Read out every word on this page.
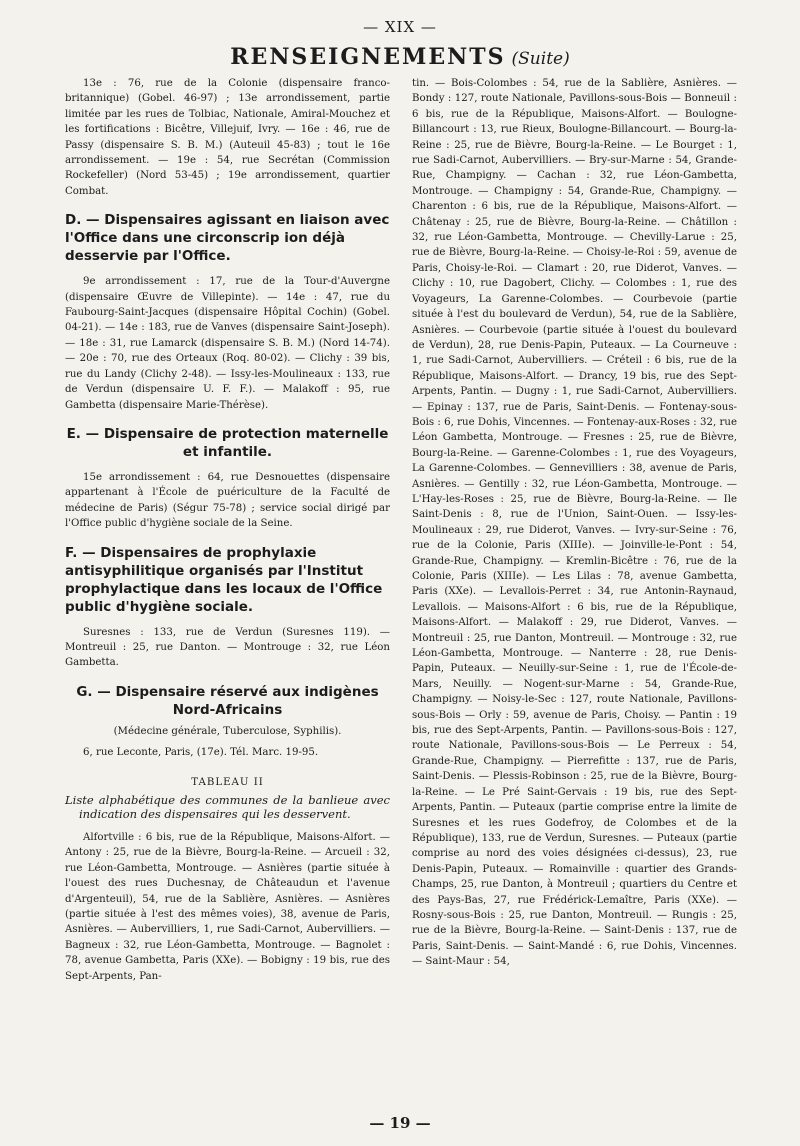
— XIX —
RENSEIGNEMENTS (Suite)

13e : 76, rue de la Colonie (dispensaire franco-britannique) (Gobel. 46-97) ; 13e arrondissement, partie limitée par les rues de Tolbiac, Nationale, Amiral-Mouchez et les fortifications : Bicêtre, Villejuif, Ivry. — 16e : 46, rue de Passy (dispensaire S. B. M.) (Auteuil 45-83) ; tout le 16e arrondissement. — 19e : 54, rue Secrétan (Commission Rockefeller) (Nord 53-45) ; 19e arrondissement, quartier Combat.

D. — Dispensaires agissant en liaison avec l'Office dans une circonscrip ion déjà desservie par l'Office.

9e arrondissement : 17, rue de la Tour-d'Auvergne (dispensaire Œuvre de Villepinte). — 14e : 47, rue du Faubourg-Saint-Jacques (dispensaire Hôpital Cochin) (Gobel. 04-21). — 14e : 183, rue de Vanves (dispensaire Saint-Joseph). — 18e : 31, rue Lamarck (dispensaire S. B. M.) (Nord 14-74). — 20e : 70, rue des Orteaux (Roq. 80-02). — Clichy : 39 bis, rue du Landy (Clichy 2-48). — Issy-les-Moulineaux : 133, rue de Verdun (dispensaire U. F. F.). — Malakoff : 95, rue Gambetta (dispensaire Marie-Thérèse).

E. — Dispensaire de protection maternelle et infantile.

15e arrondissement : 64, rue Desnouettes (dispensaire appartenant à l'École de puériculture de la Faculté de médecine de Paris) (Ségur 75-78) ; service social dirigé par l'Office public d'hygiène sociale de la Seine.

F. — Dispensaires de prophylaxie antisyphilitique organisés par l'Institut prophylactique dans les locaux de l'Office public d'hygiène sociale.

Suresnes : 133, rue de Verdun (Suresnes 119). — Montreuil : 25, rue Danton. — Montrouge : 32, rue Léon Gambetta.

G. — Dispensaire réservé aux indigènes Nord-Africains

(Médecine générale, Tuberculose, Syphilis).

6, rue Leconte, Paris, (17e). Tél. Marc. 19-95.

TABLEAU II

Liste alphabétique des communes de la banlieue avec indication des dispensaires qui les desservent.

Alfortville : 6 bis, rue de la République, Maisons-Alfort. — Antony : 25, rue de la Bièvre, Bourg-la-Reine. — Arcueil : 32, rue Léon-Gambetta, Montrouge. — Asnières (partie située à l'ouest des rues Duchesnay, de Châteaudun et l'avenue d'Argenteuil), 54, rue de la Sablière, Asnières. — Asnières (partie située à l'est des mêmes voies), 38, avenue de Paris, Asnières. — Aubervilliers, 1, rue Sadi-Carnot, Aubervilliers. — Bagneux : 32, rue Léon-Gambetta, Montrouge. — Bagnolet : 78, avenue Gambetta, Paris (XXe). — Bobigny : 19 bis, rue des Sept-Arpents, Pan-

tin. — Bois-Colombes : 54, rue de la Sablière, Asnières. — Bondy : 127, route Nationale, Pavillons-sous-Bois — Bonneuil : 6 bis, rue de la République, Maisons-Alfort. — Boulogne-Billancourt : 13, rue Rieux, Boulogne-Billancourt. — Bourg-la-Reine : 25, rue de Bièvre, Bourg-la-Reine. — Le Bourget : 1, rue Sadi-Carnot, Aubervilliers. — Bry-sur-Marne : 54, Grande-Rue, Champigny. — Cachan : 32, rue Léon-Gambetta, Montrouge. — Champigny : 54, Grande-Rue, Champigny. — Charenton : 6 bis, rue de la République, Maisons-Alfort. — Châtenay : 25, rue de Bièvre, Bourg-la-Reine. — Châtillon : 32, rue Léon-Gambetta, Montrouge. — Chevilly-Larue : 25, rue de Bièvre, Bourg-la-Reine. — Choisy-le-Roi : 59, avenue de Paris, Choisy-le-Roi. — Clamart : 20, rue Diderot, Vanves. — Clichy : 10, rue Dagobert, Clichy. — Colombes : 1, rue des Voyageurs, La Garenne-Colombes. — Courbevoie (partie située à l'est du boulevard de Verdun), 54, rue de la Sablière, Asnières. — Courbevoie (partie située à l'ouest du boulevard de Verdun), 28, rue Denis-Papin, Puteaux. — La Courneuve : 1, rue Sadi-Carnot, Aubervilliers. — Créteil : 6 bis, rue de la République, Maisons-Alfort. — Drancy, 19 bis, rue des Sept-Arpents, Pantin. — Dugny : 1, rue Sadi-Carnot, Aubervilliers. — Epinay : 137, rue de Paris, Saint-Denis. — Fontenay-sous-Bois : 6, rue Dohis, Vincennes. — Fontenay-aux-Roses : 32, rue Léon Gambetta, Montrouge. — Fresnes : 25, rue de Bièvre, Bourg-la-Reine. — Garenne-Colombes : 1, rue des Voyageurs, La Garenne-Colombes. — Gennevilliers : 38, avenue de Paris, Asnières. — Gentilly : 32, rue Léon-Gambetta, Montrouge. — L'Hay-les-Roses : 25, rue de Bièvre, Bourg-la-Reine. — Ile Saint-Denis : 8, rue de l'Union, Saint-Ouen. — Issy-les-Moulineaux : 29, rue Diderot, Vanves. — Ivry-sur-Seine : 76, rue de la Colonie, Paris (XIIIe). — Joinville-le-Pont : 54, Grande-Rue, Champigny. — Kremlin-Bicêtre : 76, rue de la Colonie, Paris (XIIIe). — Les Lilas : 78, avenue Gambetta, Paris (XXe). — Levallois-Perret : 34, rue Antonin-Raynaud, Levallois. — Maisons-Alfort : 6 bis, rue de la République, Maisons-Alfort. — Malakoff : 29, rue Diderot, Vanves. — Montreuil : 25, rue Danton, Montreuil. — Montrouge : 32, rue Léon-Gambetta, Montrouge. — Nanterre : 28, rue Denis-Papin, Puteaux. — Neuilly-sur-Seine : 1, rue de l'École-de-Mars, Neuilly. — Nogent-sur-Marne : 54, Grande-Rue, Champigny. — Noisy-le-Sec : 127, route Nationale, Pavillons-sous-Bois — Orly : 59, avenue de Paris, Choisy. — Pantin : 19 bis, rue des Sept-Arpents, Pantin. — Pavillons-sous-Bois : 127, route Nationale, Pavillons-sous-Bois — Le Perreux : 54, Grande-Rue, Champigny. — Pierrefitte : 137, rue de Paris, Saint-Denis. — Plessis-Robinson : 25, rue de la Bièvre, Bourg-la-Reine. — Le Pré Saint-Gervais : 19 bis, rue des Sept-Arpents, Pantin. — Puteaux (partie comprise entre la limite de Suresnes et les rues Godefroy, de Colombes et de la République), 133, rue de Verdun, Suresnes. — Puteaux (partie comprise au nord des voies désignées ci-dessus), 23, rue Denis-Papin, Puteaux. — Romainville : quartier des Grands-Champs, 25, rue Danton, à Montreuil ; quartiers du Centre et des Pays-Bas, 27, rue Frédérick-Lemaître, Paris (XXe). — Rosny-sous-Bois : 25, rue Danton, Montreuil. — Rungis : 25, rue de la Bièvre, Bourg-la-Reine. — Saint-Denis : 137, rue de Paris, Saint-Denis. — Saint-Mandé : 6, rue Dohis, Vincennes. — Saint-Maur : 54,

— 19 —
